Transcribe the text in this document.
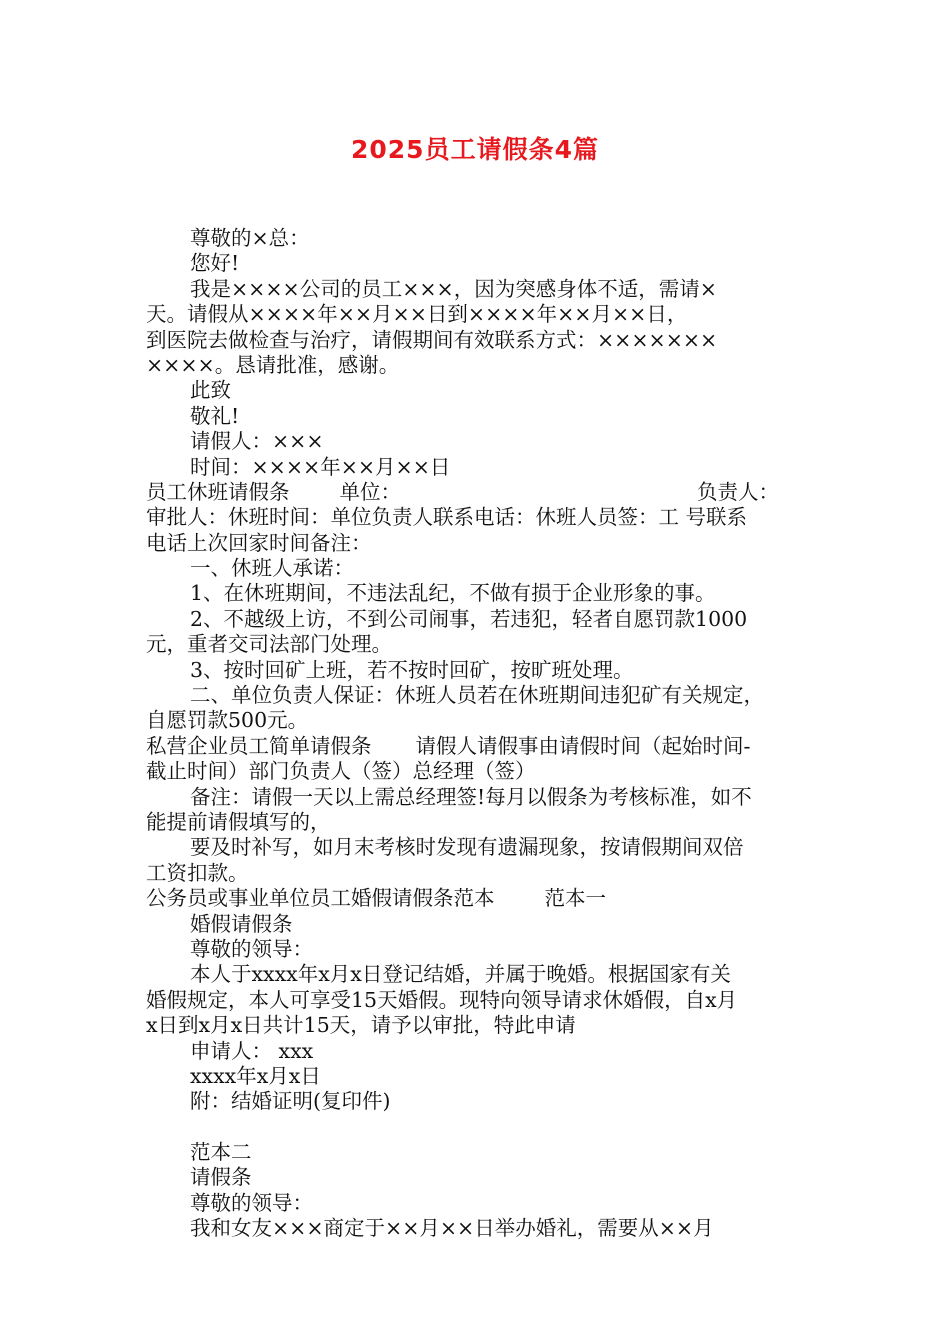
2025员工请假条4篇
尊敬的×总：
您好!
我是××××公司的员工×××，因为突感身体不适，需请×
天。请假从××××年××月××日到××××年××月××日，
到医院去做检查与治疗，请假期间有效联系方式：×××××××
××××。恳请批准，感谢。
此致
敬礼!
请假人：×××
时间：××××年××月××日
员工休班请假条 单位：	负责人：
审批人：休班时间：单位负责人联系电话：休班人员签：工 号联系
电话上次回家时间备注：
一、休班人承诺：
1、在休班期间，不违法乱纪，不做有损于企业形象的事。
2、不越级上访，不到公司闹事，若违犯，轻者自愿罚款1000
元，重者交司法部门处理。
3、按时回矿上班，若不按时回矿，按旷班处理。
二、单位负责人保证：休班人员若在休班期间违犯矿有关规定，
自愿罚款500元。
私营企业员工简单请假条 请假人请假事由请假时间（起始时间-
截止时间）部门负责人（签）总经理（签）
备注：请假一天以上需总经理签!每月以假条为考核标准，如不
能提前请假填写的，
要及时补写，如月末考核时发现有遗漏现象，按请假期间双倍
工资扣款。
公务员或事业单位员工婚假请假条范本 范本一
婚假请假条
尊敬的领导：
本人于xxxx年x月x日登记结婚，并属于晚婚。根据国家有关
婚假规定，本人可享受15天婚假。现特向领导请求休婚假，自x月
x日到x月x日共计15天，请予以审批，特此申请
申请人： xxx
xxxx年x月x日
附：结婚证明(复印件)
范本二
请假条
尊敬的领导：
我和女友×××商定于××月××日举办婚礼，需要从××月
